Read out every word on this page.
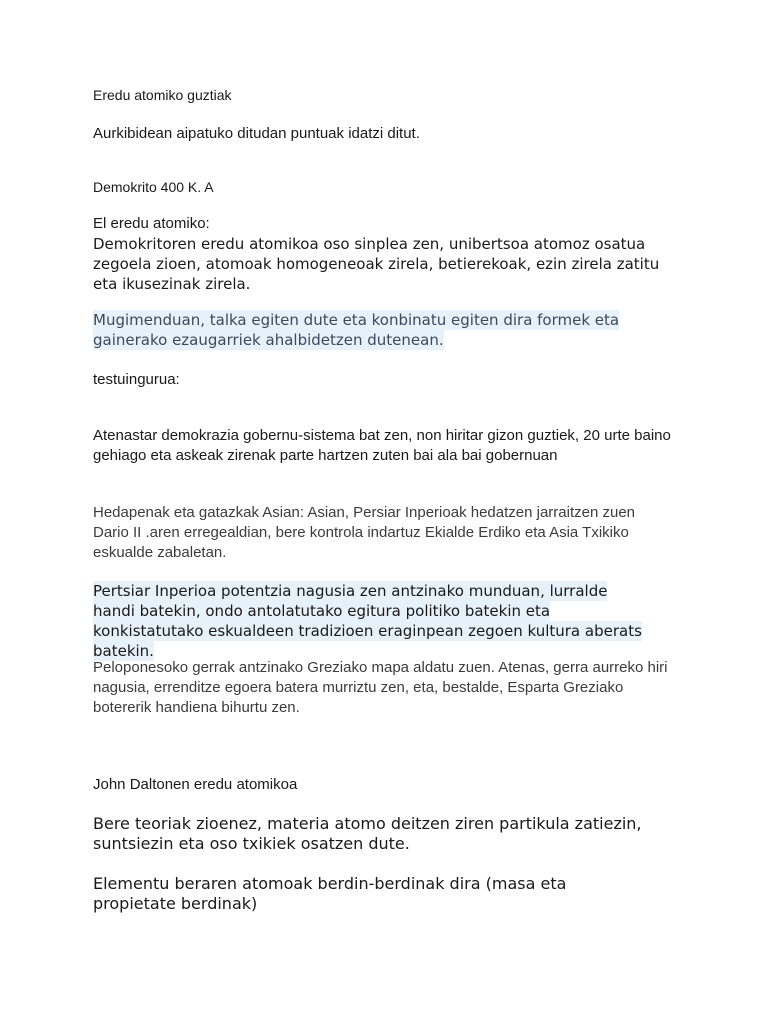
Eredu atomiko guztiak

Aurkibidean aipatuko ditudan puntuak idatzi ditut.

Demokrito 400 K. A

El eredu atomiko:

Demokritoren eredu atomikoa oso sinplea zen, unibertsoa atomoz osatua zegoela zioen, atomoak homogeneoak zirela, betierekoak, ezin zirela zatitu eta ikusezinak zirela.

Mugimenduan, talka egiten dute eta konbinatu egiten dira formek eta gainerako ezaugarriek ahalbidetzen dutenean.

testuingurua:

Atenastar demokrazia gobernu-sistema bat zen, non hiritar gizon guztiek, 20 urte baino gehiago eta askeak zirenak parte hartzen zuten bai ala bai gobernuan

Hedapenak eta gatazkak Asian: Asian, Persiar Inperioak hedatzen jarraitzen zuen Dario II .aren erregealdian, bere kontrola indartuz Ekialde Erdiko eta Asia Txikiko eskualde zabaletan.

Pertsiar Inperioa potentzia nagusia zen antzinako munduan, lurralde handi batekin, ondo antolatutako egitura politiko batekin eta konkistatutako eskualdeen tradizioen eraginpean zegoen kultura aberats batekin.

Peloponesoko gerrak antzinako Greziako mapa aldatu zuen. Atenas, gerra aurreko hiri nagusia, errenditze egoera batera murriztu zen, eta, bestalde, Esparta Greziako botererik handiena bihurtu zen.

John Daltonen eredu atomikoa

Bere teoriak zioenez, materia atomo deitzen ziren partikula zatiezin, suntsiezin eta oso txikiek osatzen dute.

Elementu beraren atomoak berdin-berdinak dira (masa eta propietate berdinak)
